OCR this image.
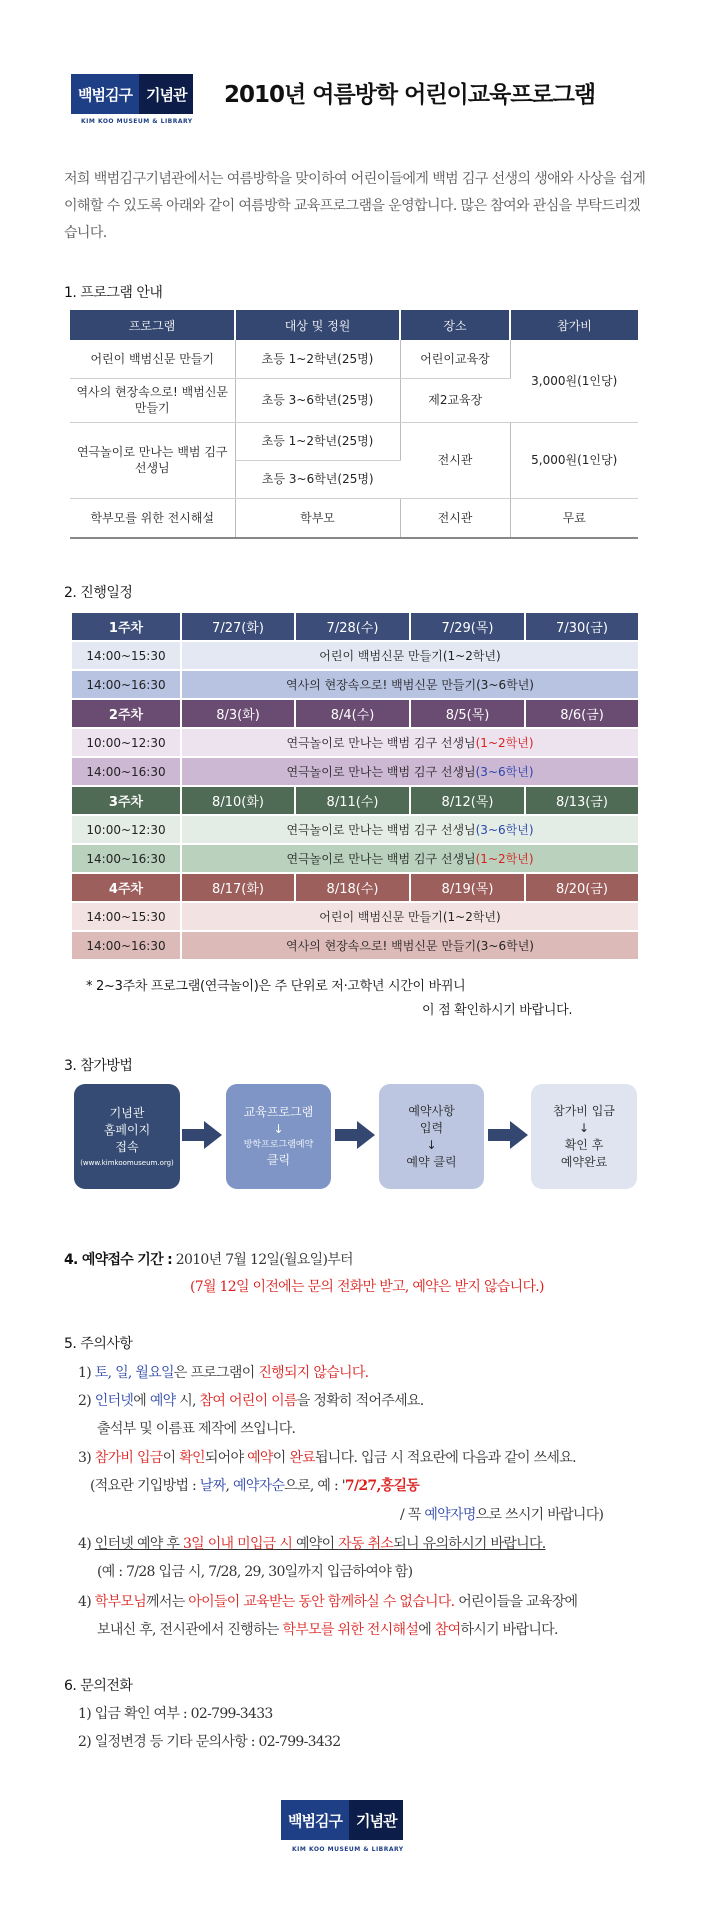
백범김구 기념관
KIM KOO MUSEUM & LIBRARY
2010년 여름방학 어린이교육프로그램
저희 백범김구기념관에서는 여름방학을 맞이하여 어린이들에게 백범 김구 선생의 생애와 사상을 쉽게 이해할 수 있도록 아래와 같이 여름방학 교육프로그램을 운영합니다. 많은 참여와 관심을 부탁드리겠습니다.
1. 프로그램 안내
프로그램	대상 및 정원	장소	참가비
어린이 백범신문 만들기	초등 1~2학년(25명)	어린이교육장	3,000원(1인당)
역사의 현장속으로! 백범신문 만들기	초등 3~6학년(25명)	제2교육장	
연극놀이로 만나는 백범 김구 선생님	초등 1~2학년(25명)	전시관	5,000원(1인당)
	초등 3~6학년(25명)		
학부모를 위한 전시해설	학부모	전시관	무료
2. 진행일정
1주차	7/27(화)	7/28(수)	7/29(목)	7/30(금)
14:00~15:30	어린이 백범신문 만들기(1~2학년)			
14:00~16:30	역사의 현장속으로! 백범신문 만들기(3~6학년)			
2주차	8/3(화)	8/4(수)	8/5(목)	8/6(금)
10:00~12:30	연극놀이로 만나는 백범 김구 선생님(1~2학년)			
14:00~16:30	연극놀이로 만나는 백범 김구 선생님(3~6학년)			
3주차	8/10(화)	8/11(수)	8/12(목)	8/13(금)
10:00~12:30	연극놀이로 만나는 백범 김구 선생님(3~6학년)			
14:00~16:30	연극놀이로 만나는 백범 김구 선생님(1~2학년)			
4주차	8/17(화)	8/18(수)	8/19(목)	8/20(금)
14:00~15:30	어린이 백범신문 만들기(1~2학년)			
14:00~16:30	역사의 현장속으로! 백범신문 만들기(3~6학년)			
* 2~3주차 프로그램(연극놀이)은 주 단위로 저·고학년 시간이 바뀌니
이 점 확인하시기 바랍니다.
3. 참가방법
기념관
홈페이지
접속
(www.kimkoomuseum.org)
교육프로그램
↓
방학프로그램예약
클릭
예약사항
입력
↓
예약 클릭
참가비 입금
↓
확인 후
예약완료
4. 예약접수 기간 : 2010년 7월 12일(월요일)부터
(7월 12일 이전에는 문의 전화만 받고, 예약은 받지 않습니다.)
5. 주의사항
1) 토, 일, 월요일은 프로그램이 진행되지 않습니다.
2) 인터넷에 예약 시, 참여 어린이 이름을 정확히 적어주세요.
출석부 및 이름표 제작에 쓰입니다.
3) 참가비 입금이 확인되어야 예약이 완료됩니다. 입금 시 적요란에 다음과 같이 쓰세요.
(적요란 기입방법 : 날짜, 예약자순으로, 예 : '7/27,홍길동
/ 꼭 예약자명으로 쓰시기 바랍니다)
4) 인터넷 예약 후 3일 이내 미입금 시 예약이 자동 취소되니 유의하시기 바랍니다.
(예 : 7/28 입금 시, 7/28, 29, 30일까지 입금하여야 함)
4) 학부모님께서는 아이들이 교육받는 동안 함께하실 수 없습니다. 어린이들을 교육장에
보내신 후, 전시관에서 진행하는 학부모를 위한 전시해설에 참여하시기 바랍니다.
6. 문의전화
1) 입금 확인 여부 : 02-799-3433
2) 일정변경 등 기타 문의사항 : 02-799-3432
백범김구 기념관
KIM KOO MUSEUM & LIBRARY
